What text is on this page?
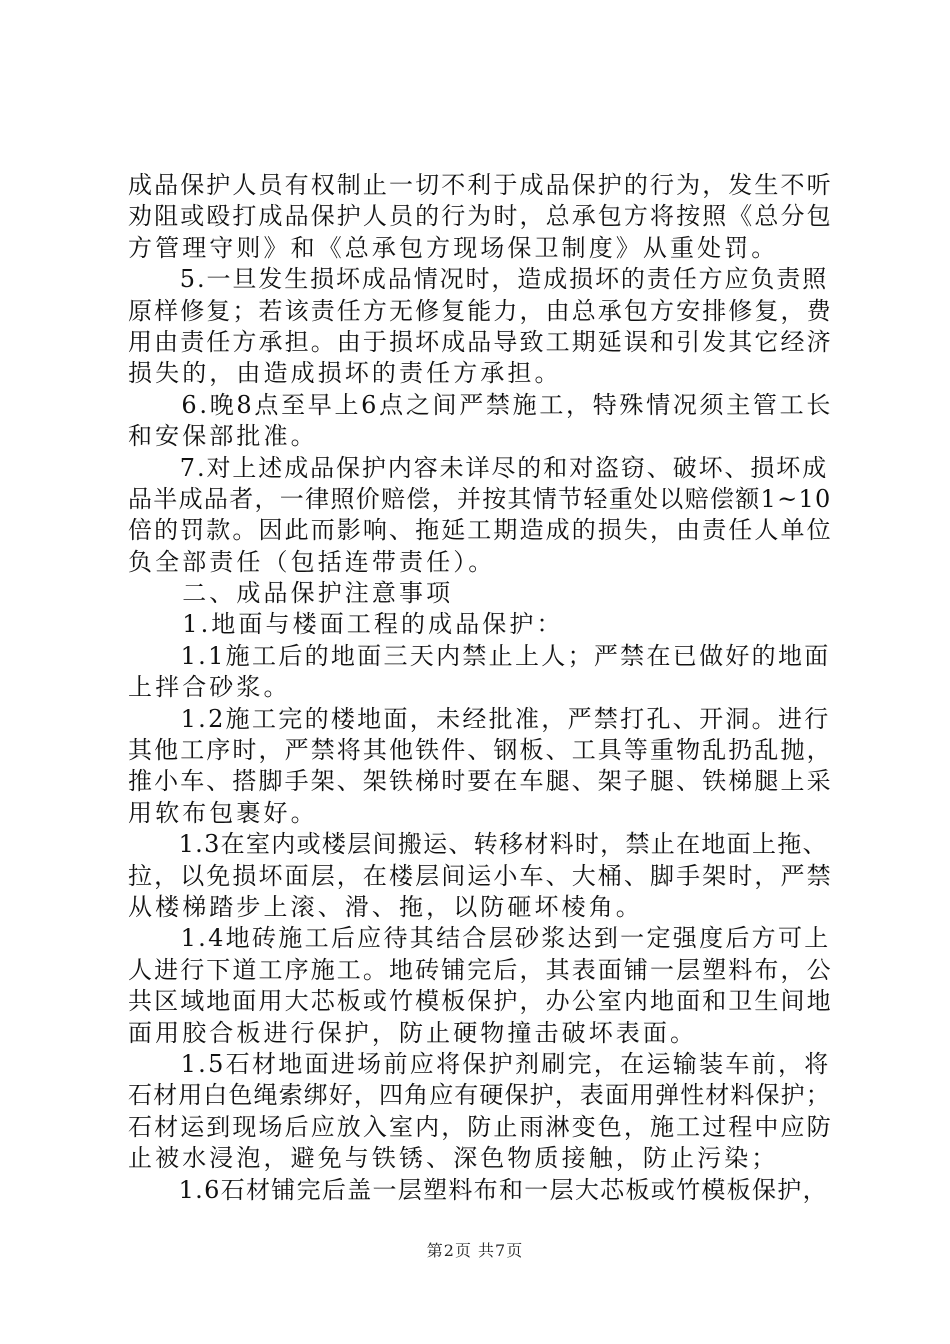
成品保护人员有权制止一切不利于成品保护的行为，发生不听
劝阻或殴打成品保护人员的行为时，总承包方将按照《总分包
方管理守则》和《总承包方现场保卫制度》从重处罚。
　　5.一旦发生损坏成品情况时，造成损坏的责任方应负责照
原样修复；若该责任方无修复能力，由总承包方安排修复，费
用由责任方承担。由于损坏成品导致工期延误和引发其它经济
损失的，由造成损坏的责任方承担。
　　6.晚8点至早上6点之间严禁施工，特殊情况须主管工长
和安保部批准。
　　7.对上述成品保护内容未详尽的和对盗窃、破坏、损坏成
品半成品者，一律照价赔偿，并按其情节轻重处以赔偿额1~10
倍的罚款。因此而影响、拖延工期造成的损失，由责任人单位
负全部责任（包括连带责任）。
　　二、成品保护注意事项
　　1.地面与楼面工程的成品保护：
　　1.1施工后的地面三天内禁止上人；严禁在已做好的地面
上拌合砂浆。
　　1.2施工完的楼地面，未经批准，严禁打孔、开洞。进行
其他工序时，严禁将其他铁件、钢板、工具等重物乱扔乱抛，
推小车、搭脚手架、架铁梯时要在车腿、架子腿、铁梯腿上采
用软布包裹好。
　　1.3在室内或楼层间搬运、转移材料时，禁止在地面上拖、
拉，以免损坏面层，在楼层间运小车、大桶、脚手架时，严禁
从楼梯踏步上滚、滑、拖，以防砸坏棱角。
　　1.4地砖施工后应待其结合层砂浆达到一定强度后方可上
人进行下道工序施工。地砖铺完后，其表面铺一层塑料布，公
共区域地面用大芯板或竹模板保护，办公室内地面和卫生间地
面用胶合板进行保护，防止硬物撞击破坏表面。
　　1.5石材地面进场前应将保护剂刷完，在运输装车前，将
石材用白色绳索绑好，四角应有硬保护，表面用弹性材料保护；
石材运到现场后应放入室内，防止雨淋变色，施工过程中应防
止被水浸泡，避免与铁锈、深色物质接触，防止污染；
　　1.6石材铺完后盖一层塑料布和一层大芯板或竹模板保护，
第2页 共7页
